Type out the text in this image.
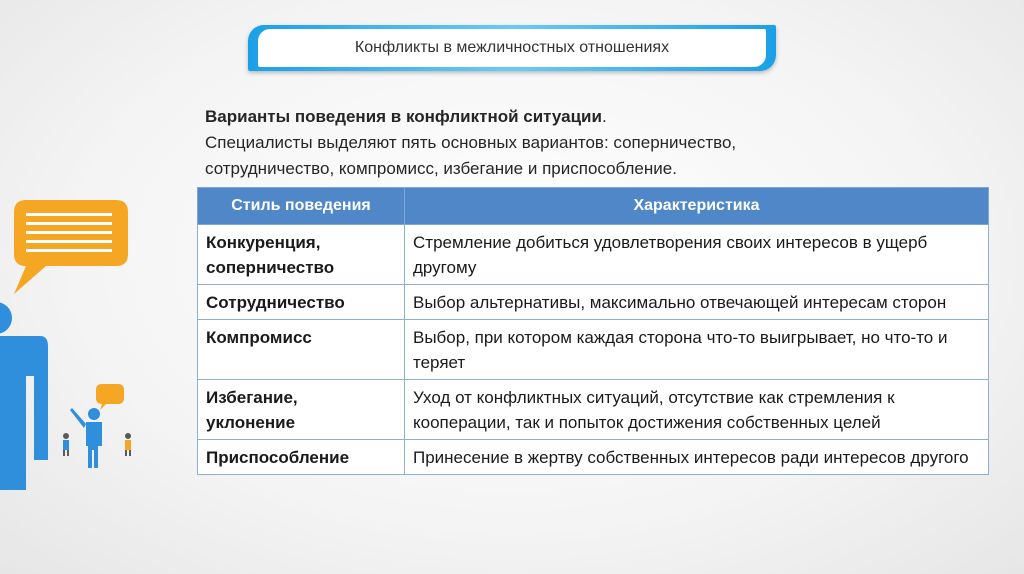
Конфликты в межличностных отношениях
Варианты поведения в конфликтной ситуации.
Специалисты выделяют пять основных вариантов: соперничество, сотрудничество, компромисс, избегание и приспособление.
Стиль поведения	Характеристика
Конкуренция,
соперничество	Стремление добиться удовлетворения своих интересов в ущерб другому
Сотрудничество	Выбор альтернативы, максимально отвечающей интересам сторон
Компромисс	Выбор, при котором каждая сторона что-то выигрывает, но что-то и теряет
Избегание,
уклонение	Уход от конфликтных ситуаций, отсутствие как стремления к кооперации, так и попыток достижения собственных целей
Приспособление	Принесение в жертву собственных интересов ради интересов другого
